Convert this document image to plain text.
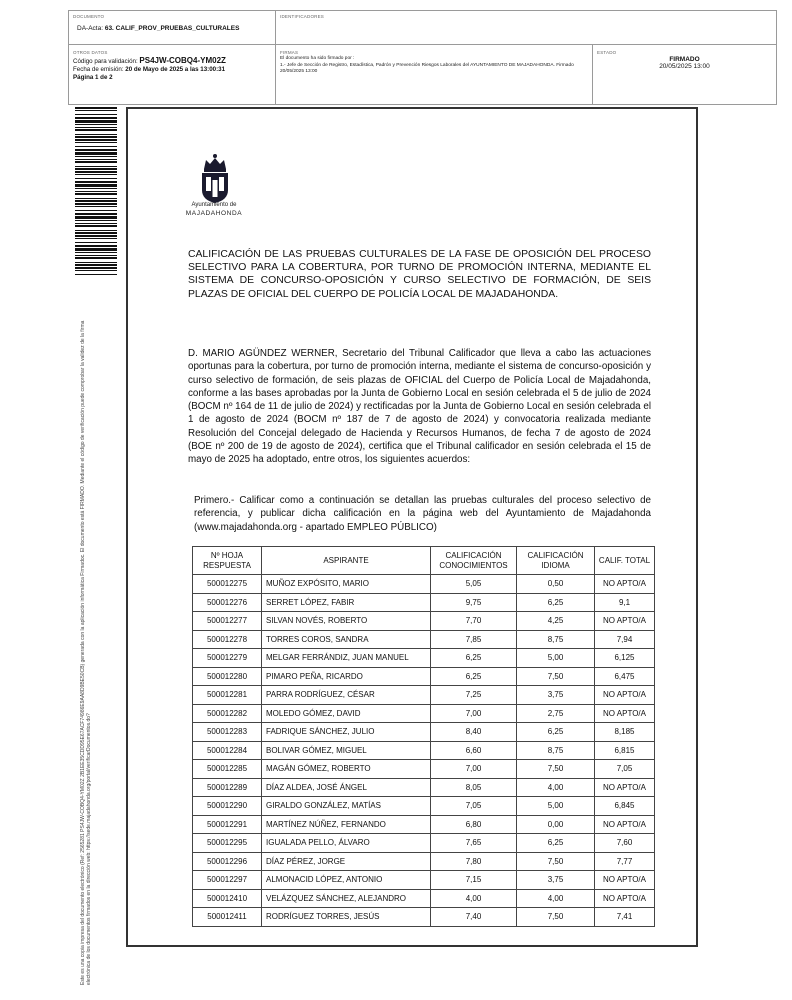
DOCUMENTO
DA-Acta: 63. CALIF_PROV_PRUEBAS_CULTURALES
IDENTIFICADORES
OTROS DATOS
Código para validación: PS4JW-COBQ4-YM02Z
Fecha de emisión: 20 de Mayo de 2025 a las 13:00:31
Página 1 de 2
FIRMAS
El documento ha sido firmado por :
1.- Jefe de Sección de Registro, Estadística, Padrón y Prevención Riesgos Laborales del AYUNTAMIENTO DE MAJADAHONDA. Firmado 20/05/2025 13:00
ESTADO
FIRMADO
20/05/2025 13:00
Este es una copia impresa del documento electrónico (Ref: 2565281 PS4JW-COBQ4-YM02Z 2B1EE35CDD95E67ACF74986E9AA8D9BE50CB) generada con la aplicación informática Firmadoc. El documento está FIRMADO. Mediante el código de verificación puede comprobar la validez de la firma electrónica de los documentos firmados en la dirección web: https://sede.majadahonda.org/portal/verificarDocumentos.do?
Ayuntamiento de
MAJADAHONDA
CALIFICACIÓN DE LAS PRUEBAS CULTURALES DE LA FASE DE OPOSICIÓN DEL PROCESO SELECTIVO PARA LA COBERTURA, POR TURNO DE PROMOCIÓN INTERNA, MEDIANTE EL SISTEMA DE CONCURSO-OPOSICIÓN Y CURSO SELECTIVO DE FORMACIÓN, DE SEIS PLAZAS DE OFICIAL DEL CUERPO DE POLICÍA LOCAL DE MAJADAHONDA.
D. MARIO AGÜNDEZ WERNER, Secretario del Tribunal Calificador que lleva a cabo las actuaciones oportunas para la cobertura, por turno de promoción interna, mediante el sistema de concurso-oposición y curso selectivo de formación, de seis plazas de OFICIAL del Cuerpo de Policía Local de Majadahonda, conforme a las bases aprobadas por la Junta de Gobierno Local en sesión celebrada el 5 de julio de 2024 (BOCM nº 164 de 11 de julio de 2024) y rectificadas por la Junta de Gobierno Local en sesión celebrada el 1 de agosto de 2024 (BOCM nº 187 de 7 de agosto de 2024) y convocatoria realizada mediante Resolución del Concejal delegado de Hacienda y Recursos Humanos, de fecha 7 de agosto de 2024 (BOE nº 200 de 19 de agosto de 2024), certifica que el Tribunal calificador en sesión celebrada el 15 de mayo de 2025 ha adoptado, entre otros, los siguientes acuerdos:
Primero.- Calificar como a continuación se detallan las pruebas culturales del proceso selectivo de referencia, y publicar dicha calificación en la página web del Ayuntamiento de Majadahonda (www.majadahonda.org - apartado EMPLEO PÚBLICO)
Nº HOJA RESPUESTA	ASPIRANTE	CALIFICACIÓN CONOCIMIENTOS	CALIFICACIÓN IDIOMA	CALIF. TOTAL
500012275	MUÑOZ EXPÓSITO, MARIO	5,05	0,50	NO APTO/A
500012276	SERRET LÓPEZ, FABIR	9,75	6,25	9,1
500012277	SILVAN NOVÉS, ROBERTO	7,70	4,25	NO APTO/A
500012278	TORRES COROS, SANDRA	7,85	8,75	7,94
500012279	MELGAR FERRÁNDIZ, JUAN MANUEL	6,25	5,00	6,125
500012280	PIMARO PEÑA, RICARDO	6,25	7,50	6,475
500012281	PARRA RODRÍGUEZ, CÉSAR	7,25	3,75	NO APTO/A
500012282	MOLEDO GÓMEZ, DAVID	7,00	2,75	NO APTO/A
500012283	FADRIQUE SÁNCHEZ, JULIO	8,40	6,25	8,185
500012284	BOLIVAR GÓMEZ, MIGUEL	6,60	8,75	6,815
500012285	MAGÁN GÓMEZ, ROBERTO	7,00	7,50	7,05
500012289	DÍAZ ALDEA, JOSÉ ÁNGEL	8,05	4,00	NO APTO/A
500012290	GIRALDO GONZÁLEZ, MATÍAS	7,05	5,00	6,845
500012291	MARTÍNEZ NÚÑEZ, FERNANDO	6,80	0,00	NO APTO/A
500012295	IGUALADA PELLO, ÁLVARO	7,65	6,25	7,60
500012296	DÍAZ PÉREZ, JORGE	7,80	7,50	7,77
500012297	ALMONACID LÓPEZ, ANTONIO	7,15	3,75	NO APTO/A
500012410	VELÁZQUEZ SÁNCHEZ, ALEJANDRO	4,00	4,00	NO APTO/A
500012411	RODRÍGUEZ TORRES, JESÚS	7,40	7,50	7,41
